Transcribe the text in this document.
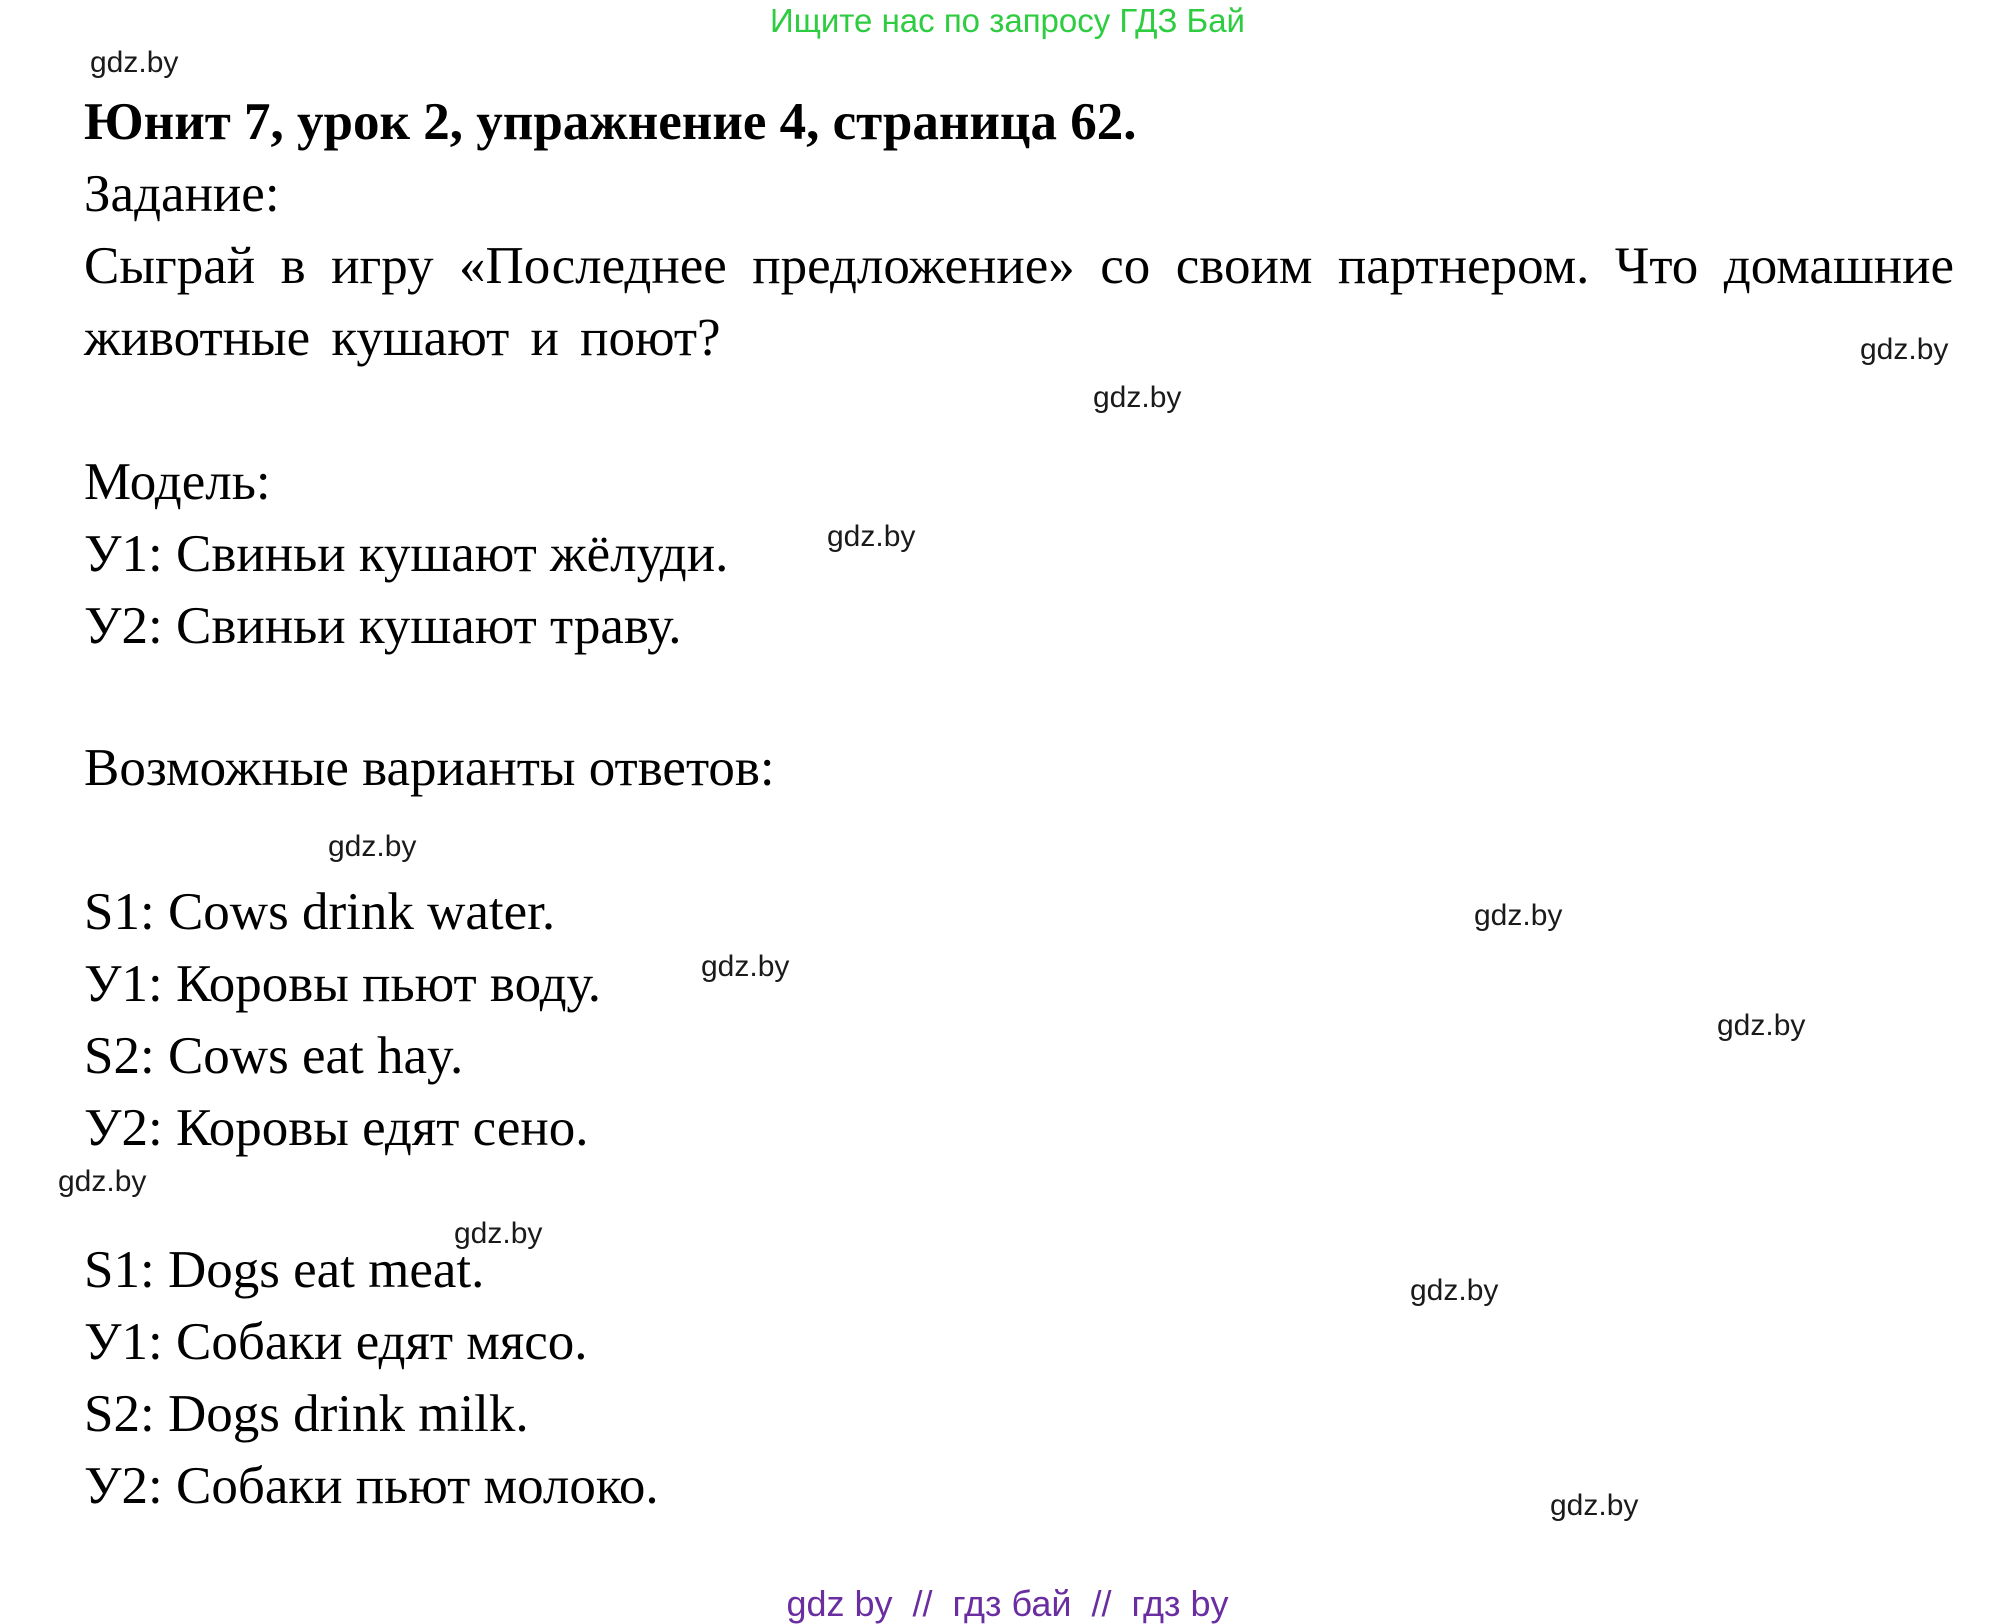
Ищите нас по запросу ГДЗ Бай

Юнит 7, урок 2, упражнение 4, страница 62.

Задание:

Сыграй в игру «Последнее предложение» со своим партнером. Что домашние животные кушают и поют?

Модель:

У1: Свиньи кушают жёлуди.

У2: Свиньи кушают траву.

Возможные варианты ответов:

S1: Cows drink water.

У1: Коровы пьют воду.

S2: Cows eat hay.

У2: Коровы едят сено.

S1: Dogs eat meat.

У1: Собаки едят мясо.

S2: Dogs drink milk.

У2: Собаки пьют молоко.

gdz.by
gdz.by
gdz.by
gdz.by
gdz.by
gdz.by
gdz.by
gdz.by
gdz.by
gdz.by
gdz.by
gdz.by
gdz by  //  гдз бай  //  гдз by
